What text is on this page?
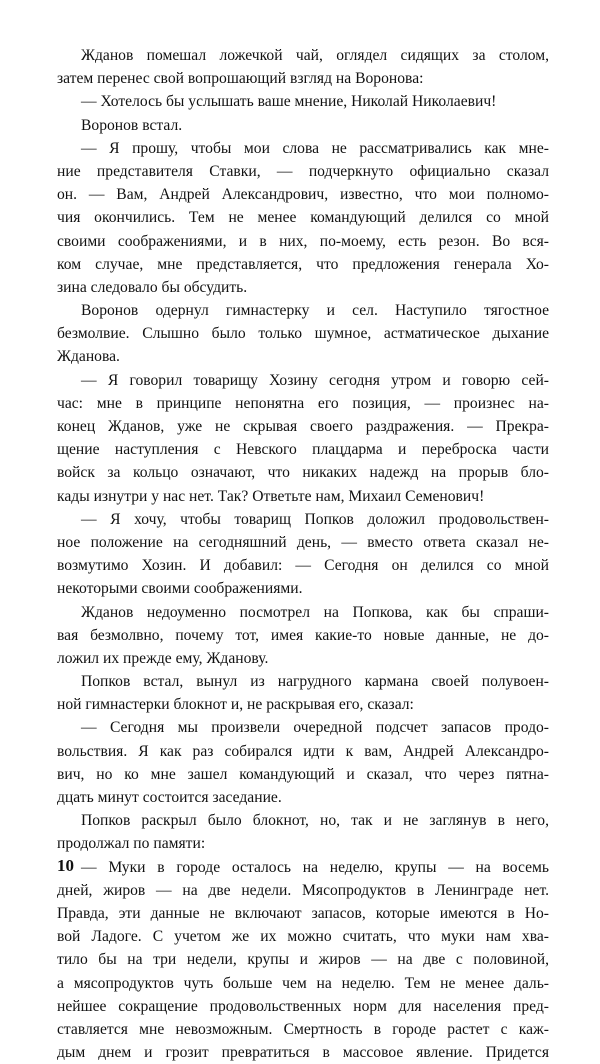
Жданов помешал ложечкой чай, оглядел сидящих за столом,
затем перенес свой вопрошающий взгляд на Воронова:
— Хотелось бы услышать ваше мнение, Николай Николаевич!
Воронов встал.
— Я прошу, чтобы мои слова не рассматривались как мне-
ние представителя Ставки, — подчеркнуто официально сказал
он. — Вам, Андрей Александрович, известно, что мои полномо-
чия окончились. Тем не менее командующий делился со мной
своими соображениями, и в них, по-моему, есть резон. Во вся-
ком случае, мне представляется, что предложения генерала Хо-
зина следовало бы обсудить.
Воронов одернул гимнастерку и сел. Наступило тягостное
безмолвие. Слышно было только шумное, астматическое дыхание
Жданова.
— Я говорил товарищу Хозину сегодня утром и говорю сей-
час: мне в принципе непонятна его позиция, — произнес на-
конец Жданов, уже не скрывая своего раздражения. — Прекра-
щение наступления с Невского плацдарма и переброска части
войск за кольцо означают, что никаких надежд на прорыв бло-
кады изнутри у нас нет. Так? Ответьте нам, Михаил Семенович!
— Я хочу, чтобы товарищ Попков доложил продовольствен-
ное положение на сегодняшний день, — вместо ответа сказал не-
возмутимо Хозин. И добавил: — Сегодня он делился со мной
некоторыми своими соображениями.
Жданов недоуменно посмотрел на Попкова, как бы спраши-
вая безмолвно, почему тот, имея какие-то новые данные, не до-
ложил их прежде ему, Жданову.
Попков встал, вынул из нагрудного кармана своей полувоен-
ной гимнастерки блокнот и, не раскрывая его, сказал:
— Сегодня мы произвели очередной подсчет запасов продо-
вольствия. Я как раз собирался идти к вам, Андрей Александро-
вич, но ко мне зашел командующий и сказал, что через пятна-
дцать минут состоится заседание.
Попков раскрыл было блокнот, но, так и не заглянув в него,
продолжал по памяти:
— Муки в городе осталось на неделю, крупы — на восемь
дней, жиров — на две недели. Мясопродуктов в Ленинграде нет.
Правда, эти данные не включают запасов, которые имеются в Но-
вой Ладоге. С учетом же их можно считать, что муки нам хва-
тило бы на три недели, крупы и жиров — на две с половиной,
а мясопродуктов чуть больше чем на неделю. Тем не менее даль-
нейшее сокращение продовольственных норм для населения пред-
ставляется мне невозможным. Смертность в городе растет с каж-
дым днем и грозит превратиться в массовое явление. Придется
10
